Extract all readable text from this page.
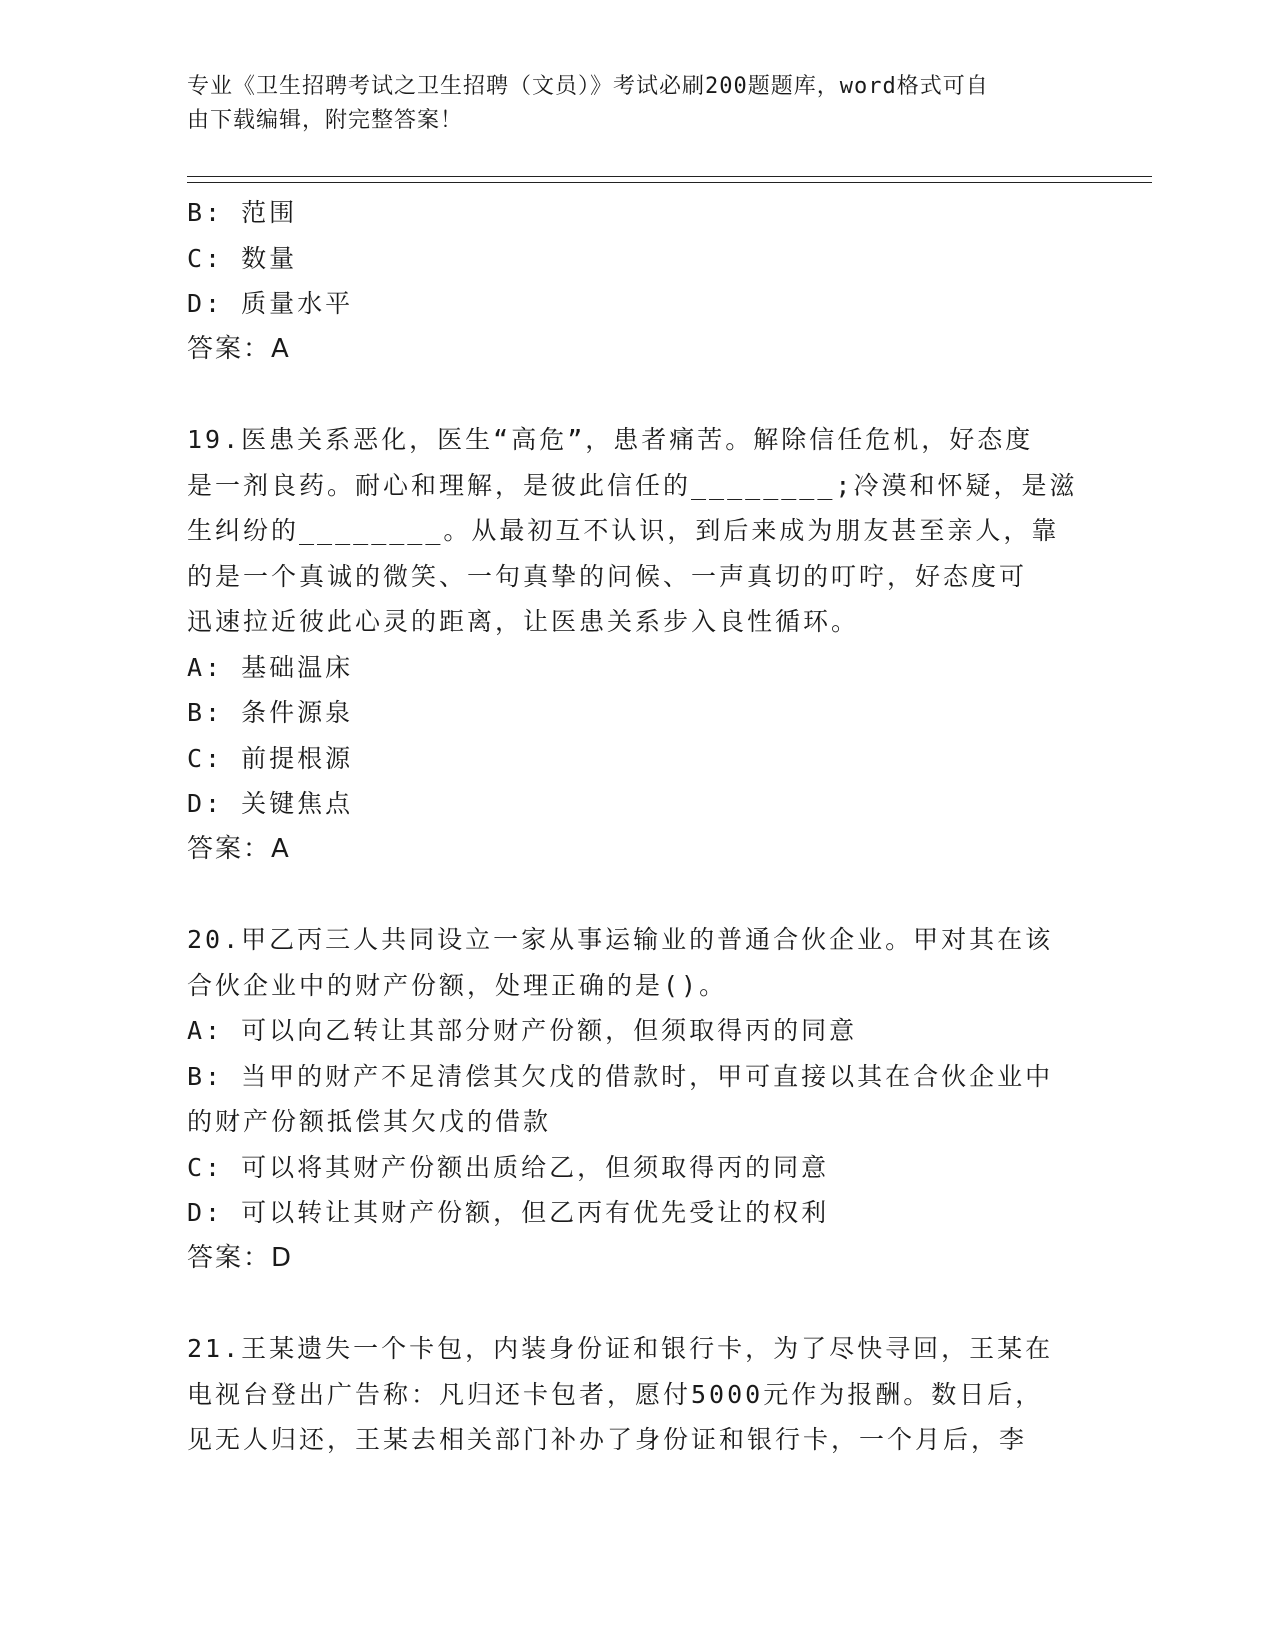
专业《卫生招聘考试之卫生招聘（文员）》考试必刷200题题库，word格式可自
由下载编辑，附完整答案！
B: 范围
C: 数量
D: 质量水平
答案：A
19.医患关系恶化，医生“高危”，患者痛苦。解除信任危机，好态度
是一剂良药。耐心和理解，是彼此信任的________;冷漠和怀疑，是滋
生纠纷的________。从最初互不认识，到后来成为朋友甚至亲人，靠
的是一个真诚的微笑、一句真挚的问候、一声真切的叮咛，好态度可
迅速拉近彼此心灵的距离，让医患关系步入良性循环。
A: 基础温床
B: 条件源泉
C: 前提根源
D: 关键焦点
答案：A
20.甲乙丙三人共同设立一家从事运输业的普通合伙企业。甲对其在该
合伙企业中的财产份额，处理正确的是()。
A: 可以向乙转让其部分财产份额，但须取得丙的同意
B: 当甲的财产不足清偿其欠戊的借款时，甲可直接以其在合伙企业中
的财产份额抵偿其欠戊的借款
C: 可以将其财产份额出质给乙，但须取得丙的同意
D: 可以转让其财产份额，但乙丙有优先受让的权利
答案：D
21.王某遗失一个卡包，内装身份证和银行卡，为了尽快寻回，王某在
电视台登出广告称：凡归还卡包者，愿付5000元作为报酬。数日后，
见无人归还，王某去相关部门补办了身份证和银行卡，一个月后，李
